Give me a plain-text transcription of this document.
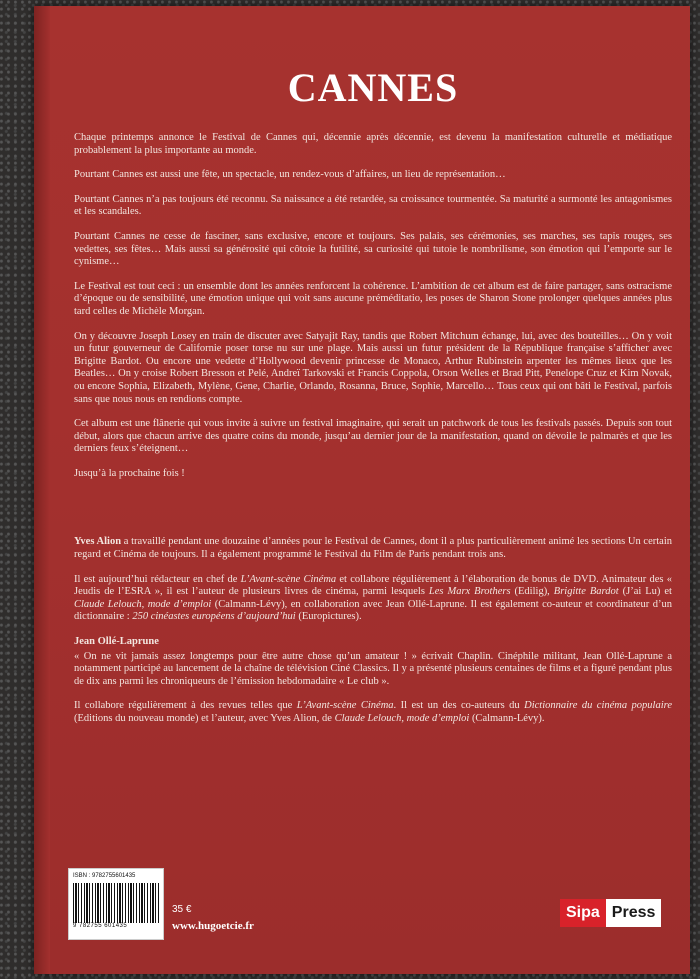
CANNES

Chaque printemps annonce le Festival de Cannes qui, décennie après décennie, est devenu la manifestation culturelle et médiatique probablement la plus importante au monde.

Pourtant Cannes est aussi une fête, un spectacle, un rendez-vous d’affaires, un lieu de représentation…

Pourtant Cannes n’a pas toujours été reconnu. Sa naissance a été retardée, sa croissance tourmentée. Sa maturité a surmonté les antagonismes et les scandales.

Pourtant Cannes ne cesse de fasciner, sans exclusive, encore et toujours. Ses palais, ses cérémonies, ses marches, ses tapis rouges, ses vedettes, ses fêtes… Mais aussi sa générosité qui côtoie la futilité, sa curiosité qui tutoie le nombrilisme, son émotion qui l’emporte sur le cynisme…

Le Festival est tout ceci : un ensemble dont les années renforcent la cohérence. L’ambition de cet album est de faire partager, sans ostracisme d’époque ou de sensibilité, une émotion unique qui voit sans aucune préméditatio, les poses de Sharon Stone prolonger quelques années plus tard celles de Michèle Morgan.

On y découvre Joseph Losey en train de discuter avec Satyajit Ray, tandis que Robert Mitchum échange, lui, avec des bouteilles… On y voit un futur gouverneur de Californie poser torse nu sur une plage. Mais aussi un futur président de la République française s’afficher avec Brigitte Bardot. Ou encore une vedette d’Hollywood devenir princesse de Monaco, Arthur Rubinstein arpenter les mêmes lieux que les Beatles… On y croise Robert Bresson et Pelé, Andreï Tarkovski et Francis Coppola, Orson Welles et Brad Pitt, Penelope Cruz et Kim Novak, ou encore Sophia, Elizabeth, Mylène, Gene, Charlie, Orlando, Rosanna, Bruce, Sophie, Marcello… Tous ceux qui ont bâti le Festival, parfois sans que nous nous en rendions compte.

Cet album est une flânerie qui vous invite à suivre un festival imaginaire, qui serait un patchwork de tous les festivals passés. Depuis son tout début, alors que chacun arrive des quatre coins du monde, jusqu’au dernier jour de la manifestation, quand on dévoile le palmarès et que les derniers feux s’éteignent…

Jusqu’à la prochaine fois !

Yves Alion a travaillé pendant une douzaine d’années pour le Festival de Cannes, dont il a plus particulièrement animé les sections Un certain regard et Cinéma de toujours. Il a également programmé le Festival du Film de Paris pendant trois ans.

Il est aujourd’hui rédacteur en chef de L’Avant-scène Cinéma et collabore régulièrement à l’élaboration de bonus de DVD. Animateur des « Jeudis de l’ESRA », il est l’auteur de plusieurs livres de cinéma, parmi lesquels Les Marx Brothers (Edilig), Brigitte Bardot (J’ai Lu) et Claude Lelouch, mode d’emploi (Calmann-Lévy), en collaboration avec Jean Ollé-Laprune. Il est également co-auteur et coordinateur d’un dictionnaire : 250 cinéastes européens d’aujourd’hui (Europictures).

Jean Ollé-Laprune

« On ne vit jamais assez longtemps pour être autre chose qu’un amateur ! » écrivait Chaplin. Cinéphile militant, Jean Ollé-Laprune a notamment participé au lancement de la chaîne de télévision Ciné Classics. Il y a présenté plusieurs centaines de films et a figuré pendant plus de dix ans parmi les chroniqueurs de l’émission hebdomadaire « Le club ».

Il collabore régulièrement à des revues telles que L’Avant-scène Cinéma. Il est un des co-auteurs du Dictionnaire du cinéma populaire (Editions du nouveau monde) et l’auteur, avec Yves Alion, de Claude Lelouch, mode d’emploi (Calmann-Lévy).

ISBN : 9782755601435
9 782755 601435
35 €
www.hugoetcie.fr
Sipa Press
